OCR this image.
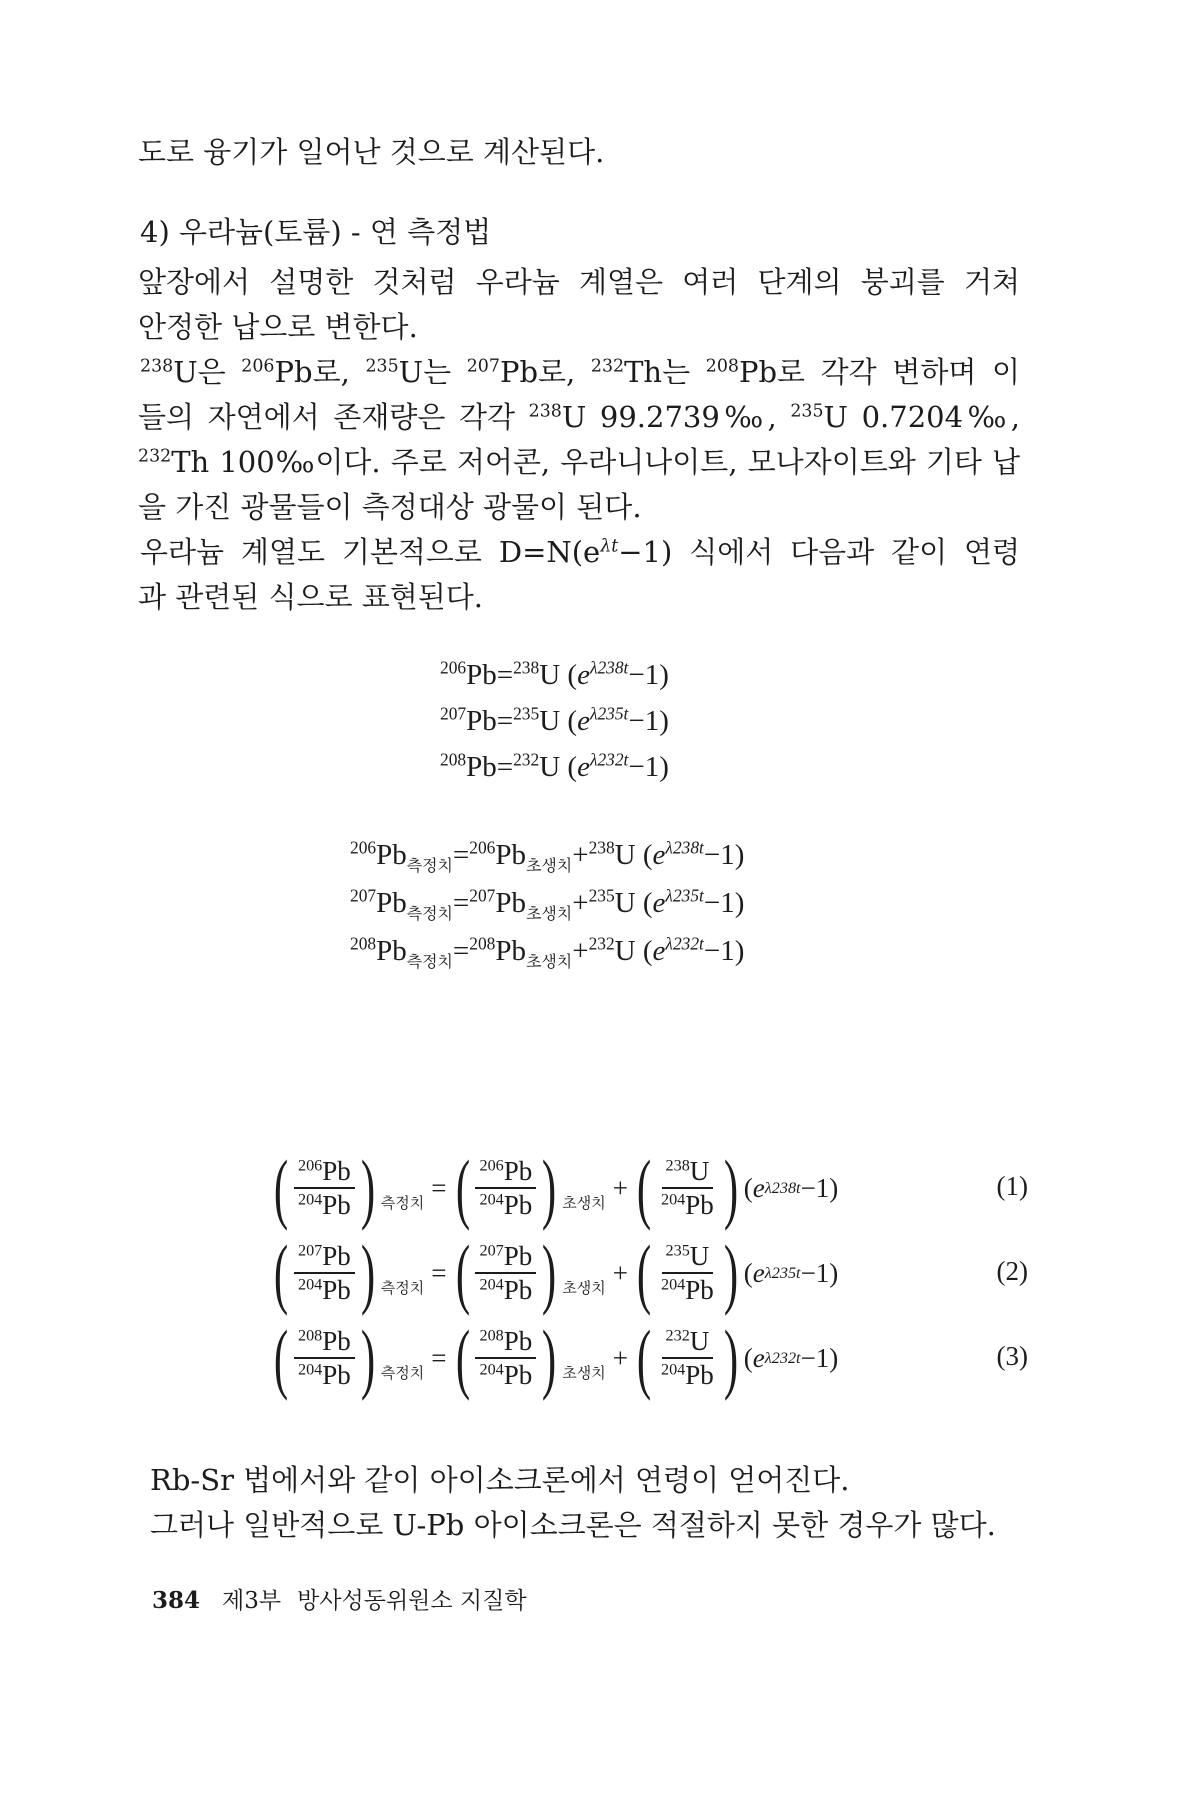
도로 융기가 일어난 것으로 계산된다.
4) 우라늄(토륨) - 연 측정법
앞장에서 설명한 것처럼 우라늄 계열은 여러 단계의 붕괴를 거쳐
안정한 납으로 변한다.
$^{238}$U은 $^{206}$Pb로, $^{235}$U는 $^{207}$Pb로, $^{232}$Th는 $^{208}$Pb로 각각 변하며 이
들의 자연에서 존재량은 각각 $^{238}$U 99.2739‰, $^{235}$U 0.7204‰,
$^{232}$Th 100‰이다. 주로 저어콘, 우라니나이트, 모나자이트와 기타 납
을 가진 광물들이 측정대상 광물이 된다.
우라늄 계열도 기본적으로 $D=N(e^{\lambda t}-1)$ 식에서 다음과 같이 연령
과 관련된 식으로 표현된다.
$^{206}$Pb=$^{238}$U $(e^{\lambda 238t}-1)$
$^{207}$Pb=$^{235}$U $(e^{\lambda 235t}-1)$
$^{208}$Pb=$^{232}$U $(e^{\lambda 232t}-1)$
$^{206}Pb_{측정치}=^{206}Pb_{초생치}+^{238}U$ $(e^{\lambda 238t}-1)$
$^{207}Pb_{측정치}=^{207}Pb_{초생치}+^{235}U$ $(e^{\lambda 235t}-1)$
$^{208}Pb_{측정치}=^{208}Pb_{초생치}+^{232}U$ $(e^{\lambda 232t}-1)$
( $\frac{^{206}Pb}{^{204}Pb}$ ) 측정치
= ( $\frac{^{206}Pb}{^{204}Pb}$ ) 초생치
+ ( $\frac{^{238}U}{^{204}Pb}$ ) ( e λ238t −1)	(1)
( $\frac{^{207}Pb}{^{204}Pb}$ ) 측정치
= ( $\frac{^{207}Pb}{^{204}Pb}$ ) 초생치
+ ( $\frac{^{235}U}{^{204}Pb}$ ) ( e λ235t −1)	(2)
( $\frac{^{208}Pb}{^{204}Pb}$ ) 측정치
= ( $\frac{^{208}Pb}{^{204}Pb}$ ) 초생치
+ ( $\frac{^{232}U}{^{204}Pb}$ ) ( e λ232t −1)	(3)
Rb-Sr 법에서와 같이 아이소크론에서 연령이 얻어진다.
그러나 일반적으로 U-Pb 아이소크론은 적절하지 못한 경우가 많다.
384 제3부 방사성동위원소 지질학
